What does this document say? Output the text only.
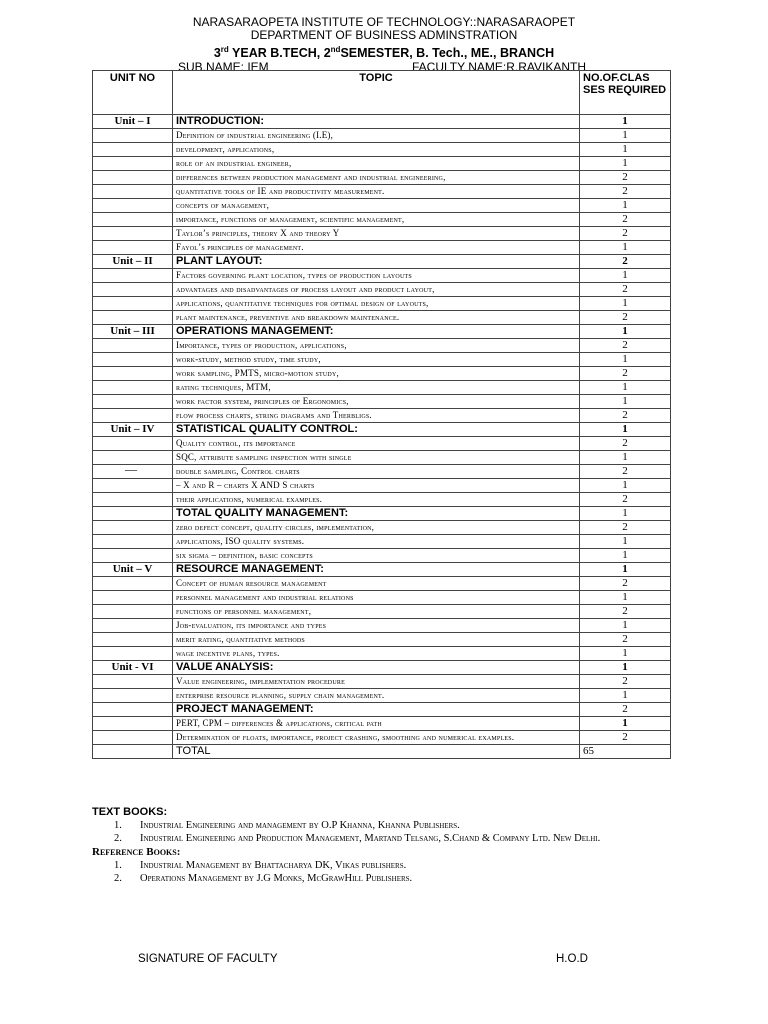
NARASARAOPETA INSTITUTE OF TECHNOLOGY::NARASARAOPET
DEPARTMENT OF BUSINESS ADMINSTRATION
3rd YEAR B.TECH, 2ndSEMESTER, B. Tech., ME., BRANCH
SUB.NAME: IEM	FACULTY NAME:R.RAVIKANTH
UNIT NO	TOPIC	NO.OF.CLAS SES REQUIRED
Unit – I	INTRODUCTION:	1
	Definition of industrial engineering (I.E),	1
	development, applications,	1
	role of an industrial engineer,	1
	differences between production management and industrial engineering,	2
	quantitative tools of IE and productivity measurement.	2
	concepts of management,	1
	importance, functions of management, scientific management,	2
	Taylor’s principles, theory X and theory Y	2
	Fayol’s principles of management.	1
Unit – II	PLANT LAYOUT:	2
	Factors governing plant location, types of production layouts	1
	advantages and disadvantages of process layout and product layout,	2
	applications, quantitative techniques for optimal design of layouts,	1
	plant maintenance, preventive and breakdown maintenance.	2
Unit – III	OPERATIONS MANAGEMENT:	1
	Importance, types of production, applications,	2
	work-study, method study, time study,	1
	work sampling, PMTS, micro-motion study,	2
	rating techniques, MTM,	1
	work factor system, principles of Ergonomics,	1
	flow process charts, string diagrams and Therbligs.	2
Unit – IV	STATISTICAL QUALITY CONTROL:	1
	Quality control, its importance	2
	SQC, attribute sampling inspection with single	1

—	double sampling, Control charts	2
	– X and R – charts X AND S charts	1
	their applications, numerical examples.	2
	TOTAL QUALITY MANAGEMENT:	1
	zero defect concept, quality circles, implementation,	2
	applications, ISO quality systems.	1
	six sigma – definition, basic concepts	1
Unit – V	RESOURCE MANAGEMENT:	1
	Concept of human resource management	2
	personnel management and industrial relations	1
	functions of personnel management,	2
	Job-evaluation, its importance and types	1
	merit rating, quantitative methods	2
	wage incentive plans, types.	1
Unit - VI	VALUE ANALYSIS:	1
	Value engineering, implementation procedure	2
	enterprise resource planning, supply chain management.	1
	PROJECT MANAGEMENT:	2
	PERT, CPM – differences & applications, critical path	1
	Determination of floats, importance, project crashing, smoothing and numerical examples.	2
	TOTAL	65
TEXT BOOKS:
1. Industrial Engineering and management by O.P Khanna, Khanna Publishers.
2. Industrial Engineering and Production Management, Martand Telsang, S.Chand & Company Ltd. New Delhi.
Reference Books:
1. Industrial Management by Bhattacharya DK, Vikas publishers.
2. Operations Management by J.G Monks, McGrawHill Publishers.
SIGNATURE OF FACULTY	H.O.D
